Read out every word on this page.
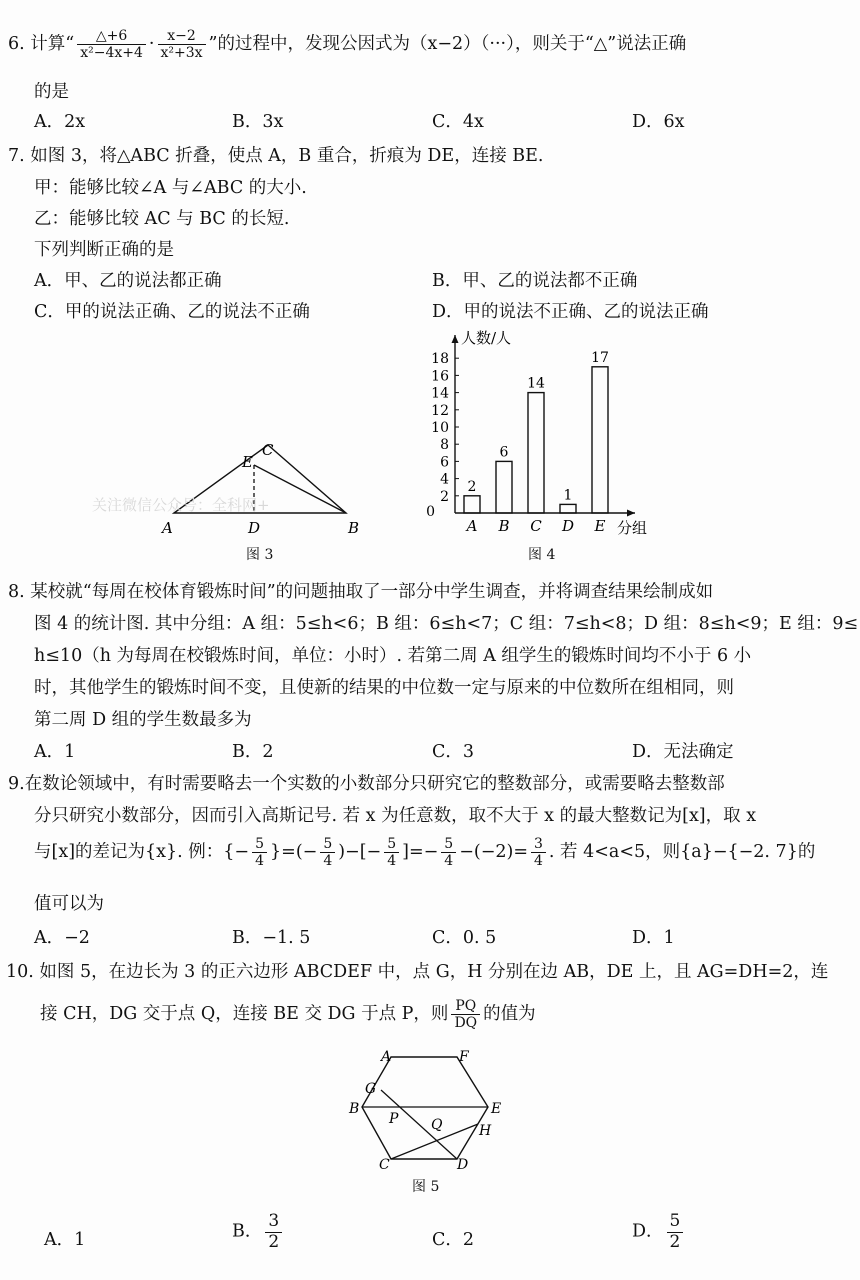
6. 计算“ $\frac{\triangle+6}{\text{x²−4x+4}} \cdot \frac{x-2}{\text{x²+3x}}$ ”的过程中，发现公因式为（x−2）（···），则关于“△”说法正确
的是
A．2x	B．3x	C．4x	D．6x
7. 如图 3，将△ABC 折叠，使点 A，B 重合，折痕为 DE，连接 BE.
甲：能够比较∠A 与∠ABC 的大小.
乙：能够比较 AC 与 BC 的长短.
下列判断正确的是
A．甲、乙的说法都正确	B．甲、乙的说法都不正确
C．甲的说法正确、乙的说法不正确	D．甲的说法不正确、乙的说法正确
A	B
C
D
E
图 3
关注微信公众号：全科网+	0
2
4
6
8
10
12
14
16
18
2
A
6
B
14
C
1
D
17
E
人数/人
分组
图 4
8. 某校就“每周在校体育锻炼时间”的问题抽取了一部分中学生调查，并将调查结果绘制成如
图 4 的统计图. 其中分组：A 组：5≤h<6；B 组：6≤h<7；C 组：7≤h<8；D 组：8≤h<9；E 组：9≤
h≤10（h 为每周在校锻炼时间，单位：小时）. 若第二周 A 组学生的锻炼时间均不小于 6 小
时，其他学生的锻炼时间不变，且使新的结果的中位数一定与原来的中位数所在组相同，则
第二周 D 组的学生数最多为
A．1	B．2	C．3	D．无法确定
9.在数论领域中，有时需要略去一个实数的小数部分只研究它的整数部分，或需要略去整数部
分只研究小数部分，因而引入高斯记号. 若 x 为任意数，取不大于 x 的最大整数记为[x]，取 x
与[x]的差记为{x}. 例：{− $\frac{5}{4}$ }=(− $\frac{5}{4}$ )−[− $\frac{5}{4}$ ]=− $\frac{5}{4} -(-2)= \frac{3}{4}$ . 若 4<a<5，则{a}−{−2. 7}的
值可以为
A．−2	B．−1. 5	C．0. 5	D．1
10. 如图 5，在边长为 3 的正六边形 ABCDEF 中，点 G，H 分别在边 AB，DE 上，且 AG=DH=2，连
接 CH，DG 交于点 Q，连接 BE 交 DG 于点 P，则 $\frac{PQ}{DQ}$ 的值为
A	F
G
B	E
P Q	H
C	D
图 5
A．1	B． $\frac{3}{2}$	C．2	D． $\frac{5}{2}$
